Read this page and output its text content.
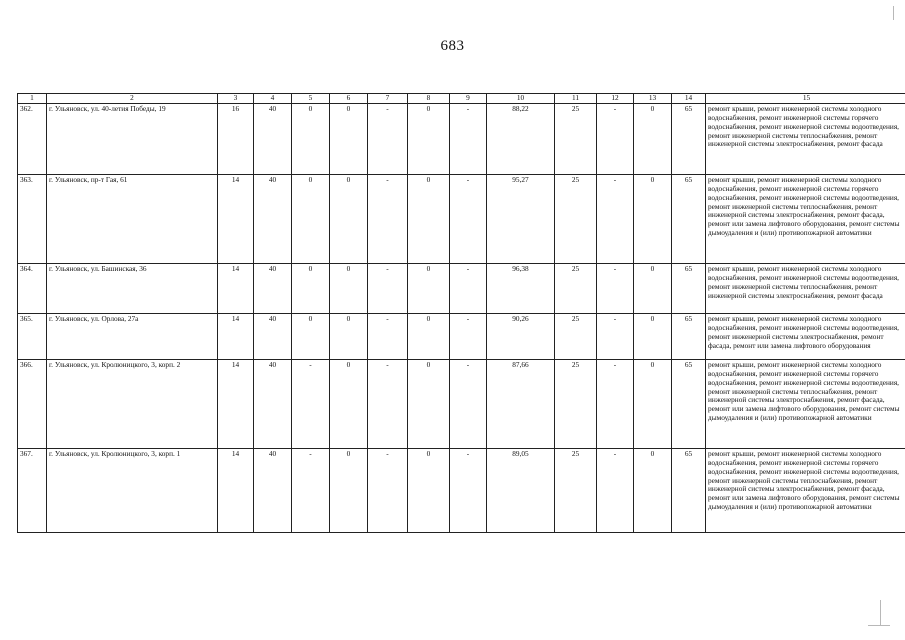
683
1	2	3	4	5	6	7	8	9	10	11	12	13	14	15
362.	г. Ульяновск, ул. 40-летия Победы, 19	16	40	0	0	-	0	-	88,22	25	-	0	65	ремонт крыши, ремонт инженерной системы холодного водоснабжения, ремонт инженерной системы горячего водоснабжения, ремонт инженерной системы водоотведения, ремонт инженерной системы теплоснабжения, ремонт инженерной системы электроснабжения, ремонт фасада
363.	г. Ульяновск, пр-т Гая, 61	14	40	0	0	-	0	-	95,27	25	-	0	65	ремонт крыши, ремонт инженерной системы холодного водоснабжения, ремонт инженерной системы горячего водоснабжения, ремонт инженерной системы водоотведения, ремонт инженерной системы теплоснабжения, ремонт инженерной системы электроснабжения, ремонт фасада, ремонт или замена лифтового оборудования, ремонт системы дымоудаления и (или) противопожарной автоматики
364.	г. Ульяновск, ул. Башинская, 36	14	40	0	0	-	0	-	96,38	25	-	0	65	ремонт крыши, ремонт инженерной системы холодного водоснабжения, ремонт инженерной системы водоотведения, ремонт инженерной системы теплоснабжения, ремонт инженерной системы электроснабжения, ремонт фасада
365.	г. Ульяновск, ул. Орлова, 27а	14	40	0	0	-	0	-	90,26	25	-	0	65	ремонт крыши, ремонт инженерной системы холодного водоснабжения, ремонт инженерной системы водоотведения, ремонт инженерной системы электроснабжения, ремонт фасада, ремонт или замена лифтового оборудования
366.	г. Ульяновск, ул. Кролюницкого, 3, корп. 2	14	40	-	0	-	0	-	87,66	25	-	0	65	ремонт крыши, ремонт инженерной системы холодного водоснабжения, ремонт инженерной системы горячего водоснабжения, ремонт инженерной системы водоотведения, ремонт инженерной системы теплоснабжения, ремонт инженерной системы электроснабжения, ремонт фасада, ремонт или замена лифтового оборудования, ремонт системы дымоудаления и (или) противопожарной автоматики
367.	г. Ульяновск, ул. Кролюницкого, 3, корп. 1	14	40	-	0	-	0	-	89,05	25	-	0	65	ремонт крыши, ремонт инженерной системы холодного водоснабжения, ремонт инженерной системы горячего водоснабжения, ремонт инженерной системы водоотведения, ремонт инженерной системы теплоснабжения, ремонт инженерной системы электроснабжения, ремонт фасада, ремонт или замена лифтового оборудования, ремонт системы дымоудаления и (или) противопожарной автоматики
